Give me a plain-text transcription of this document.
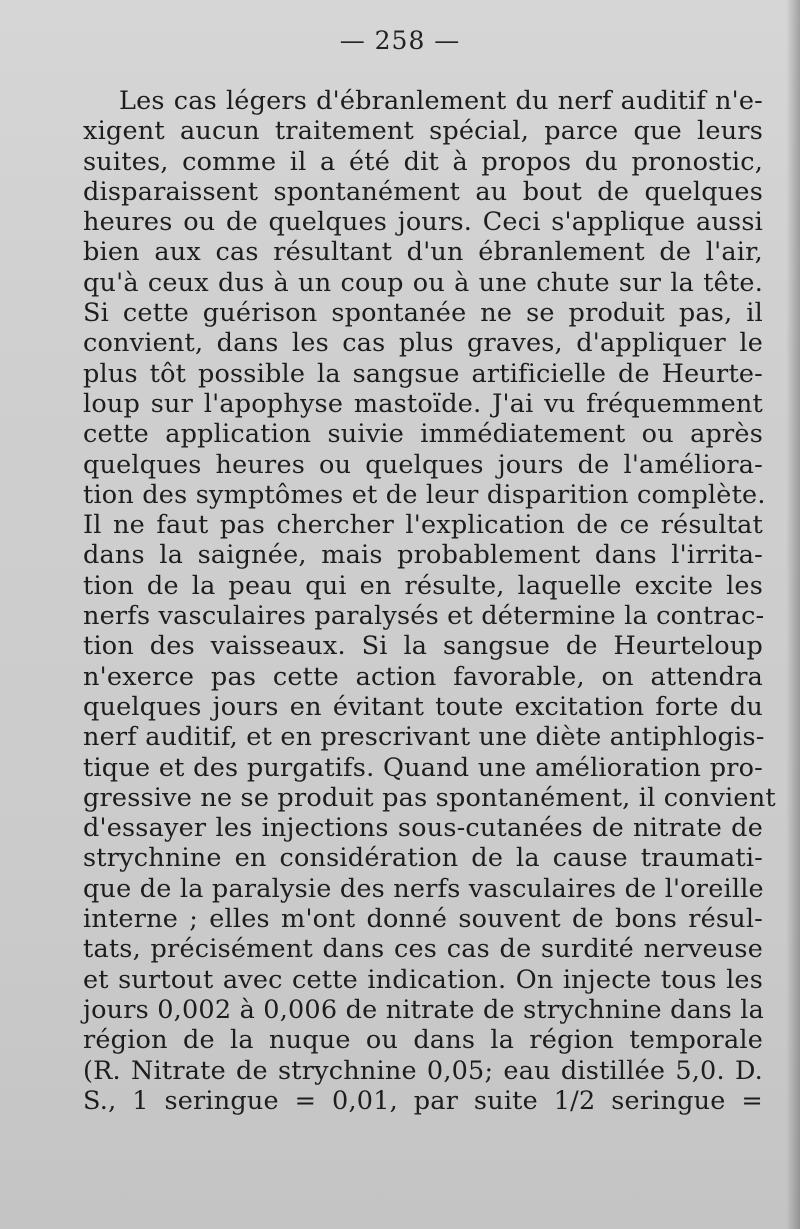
— 258 —
Les cas légers d'ébranlement du nerf auditif n'e-
xigent aucun traitement spécial, parce que leurs
suites, comme il a été dit à propos du pronostic,
disparaissent spontanément au bout de quelques
heures ou de quelques jours. Ceci s'applique aussi
bien aux cas résultant d'un ébranlement de l'air,
qu'à ceux dus à un coup ou à une chute sur la tête.
Si cette guérison spontanée ne se produit pas, il
convient, dans les cas plus graves, d'appliquer le
plus tôt possible la sangsue artificielle de Heurte-
loup sur l'apophyse mastoïde. J'ai vu fréquemment
cette application suivie immédiatement ou après
quelques heures ou quelques jours de l'améliora-
tion des symptômes et de leur disparition complète.
Il ne faut pas chercher l'explication de ce résultat
dans la saignée, mais probablement dans l'irrita-
tion de la peau qui en résulte, laquelle excite les
nerfs vasculaires paralysés et détermine la contrac-
tion des vaisseaux. Si la sangsue de Heurteloup
n'exerce pas cette action favorable, on attendra
quelques jours en évitant toute excitation forte du
nerf auditif, et en prescrivant une diète antiphlogis-
tique et des purgatifs. Quand une amélioration pro-
gressive ne se produit pas spontanément, il convient
d'essayer les injections sous-cutanées de nitrate de
strychnine en considération de la cause traumati-
que de la paralysie des nerfs vasculaires de l'oreille
interne ; elles m'ont donné souvent de bons résul-
tats, précisément dans ces cas de surdité nerveuse
et surtout avec cette indication. On injecte tous les
jours 0,002 à 0,006 de nitrate de strychnine dans la
région de la nuque ou dans la région temporale
(R. Nitrate de strychnine 0,05; eau distillée 5,0. D.
S., 1 seringue = 0,01, par suite 1/2 seringue =
